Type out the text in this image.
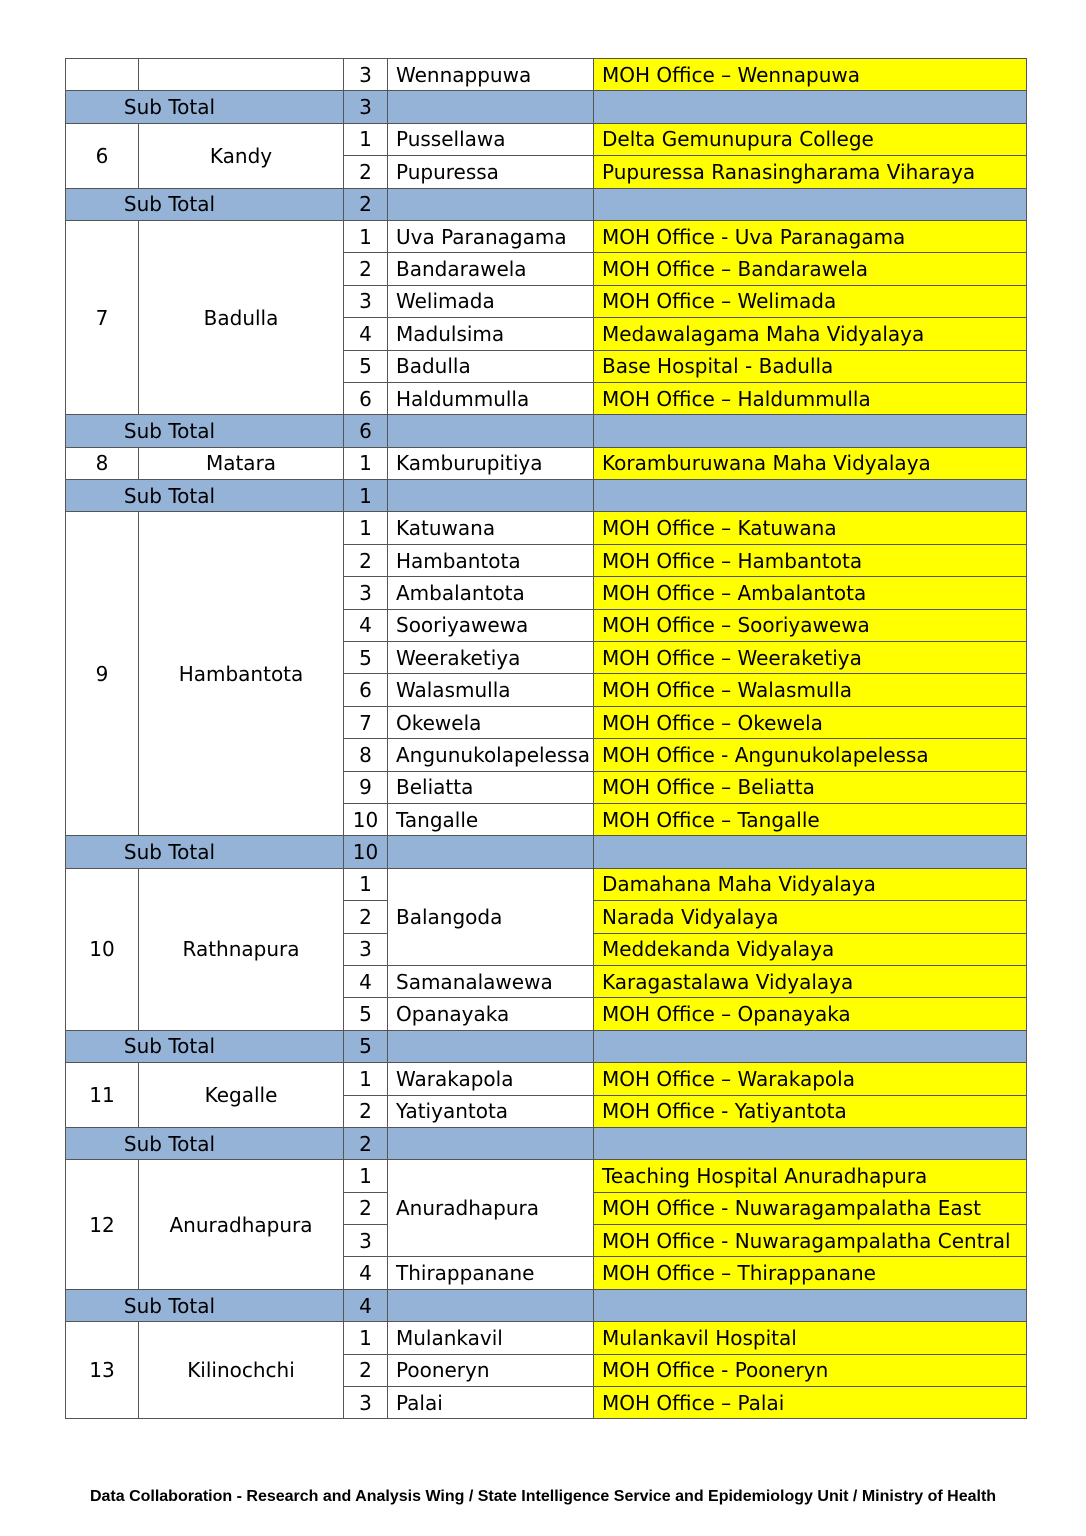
		3	Wennappuwa	MOH Office – Wennapuwa
Sub Total		3		
6	Kandy	1	Pussellawa	Delta Gemunupura College
		2	Pupuressa	Pupuressa Ranasingharama Viharaya
Sub Total		2		
7	Badulla	1	Uva Paranagama	MOH Office - Uva Paranagama
		2	Bandarawela	MOH Office – Bandarawela
		3	Welimada	MOH Office – Welimada
		4	Madulsima	Medawalagama Maha Vidyalaya
		5	Badulla	Base Hospital - Badulla
		6	Haldummulla	MOH Office – Haldummulla
Sub Total		6		
8	Matara	1	Kamburupitiya	Koramburuwana Maha Vidyalaya
Sub Total		1		
9	Hambantota	1	Katuwana	MOH Office – Katuwana
		2	Hambantota	MOH Office – Hambantota
		3	Ambalantota	MOH Office – Ambalantota
		4	Sooriyawewa	MOH Office – Sooriyawewa
		5	Weeraketiya	MOH Office – Weeraketiya
		6	Walasmulla	MOH Office – Walasmulla
		7	Okewela	MOH Office – Okewela
		8	Angunukolapelessa	MOH Office - Angunukolapelessa
		9	Beliatta	MOH Office – Beliatta
		10	Tangalle	MOH Office – Tangalle
Sub Total		10		
10	Rathnapura	1	Balangoda	Damahana Maha Vidyalaya
		2		Narada Vidyalaya
		3		Meddekanda Vidyalaya
		4	Samanalawewa	Karagastalawa Vidyalaya
		5	Opanayaka	MOH Office – Opanayaka
Sub Total		5		
11	Kegalle	1	Warakapola	MOH Office – Warakapola
		2	Yatiyantota	MOH Office - Yatiyantota
Sub Total		2		
12	Anuradhapura	1	Anuradhapura	Teaching Hospital Anuradhapura
		2		MOH Office - Nuwaragampalatha East
		3		MOH Office - Nuwaragampalatha Central
		4	Thirappanane	MOH Office – Thirappanane
Sub Total		4		
13	Kilinochchi	1	Mulankavil	Mulankavil Hospital
		2	Pooneryn	MOH Office - Pooneryn
		3	Palai	MOH Office – Palai
Data Collaboration - Research and Analysis Wing / State Intelligence Service and Epidemiology Unit / Ministry of Health
